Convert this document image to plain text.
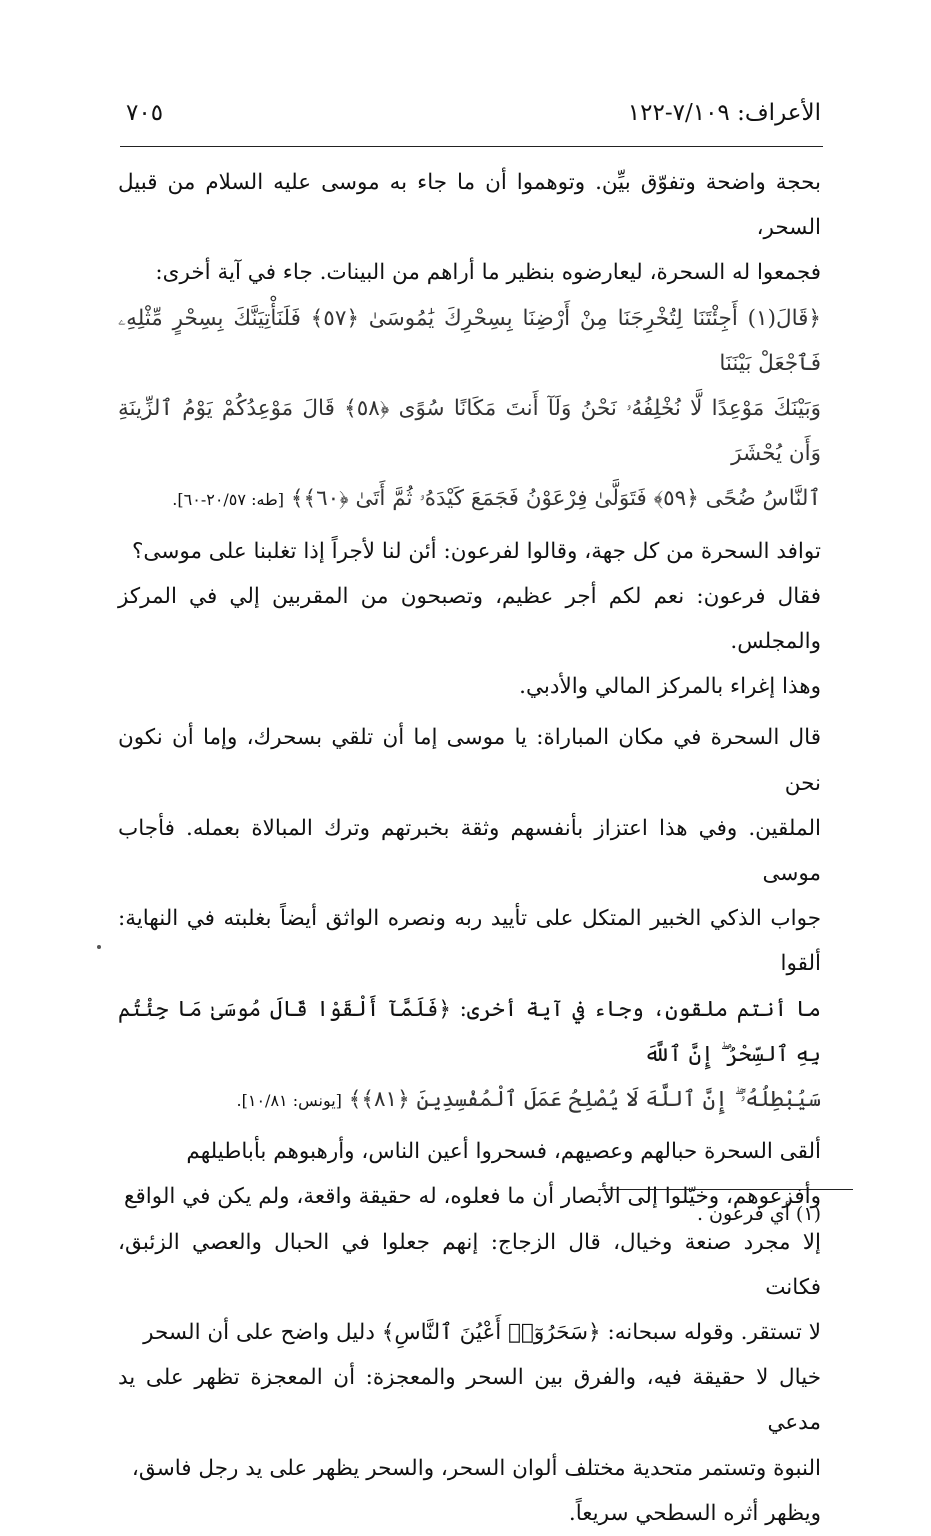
٧٠٥	الأعراف: ٧/١٠٩-١٢٢
بحجة واضحة وتفوّق بيِّن. وتوهموا أن ما جاء به موسى عليه السلام من قبيل السحر،
فجمعوا له السحرة، ليعارضوه بنظير ما أراهم من البينات. جاء في آية أخرى:
﴿قَالَ(١) أَجِئْتَنَا لِتُخْرِجَنَا مِنْ أَرْضِنَا بِسِحْرِكَ يَٰمُوسَىٰ ﴿٥٧﴾ فَلَنَأْتِيَنَّكَ بِسِحْرٍ مِّثْلِهِۦ فَٱجْعَلْ بَيْنَنَا
وَبَيْنَكَ مَوْعِدًا لَّا نُخْلِفُهُۥ نَحْنُ وَلَآ أَنتَ مَكَانًا سُوًى ﴿٥٨﴾ قَالَ مَوْعِدُكُمْ يَوْمُ ٱلزِّينَةِ وَأَن يُحْشَرَ
ٱلنَّاسُ ضُحًى ﴿٥٩﴾ فَتَوَلَّىٰ فِرْعَوْنُ فَجَمَعَ كَيْدَهُۥ ثُمَّ أَتَىٰ ﴿٦٠﴾﴾ [طه: ٢٠/٥٧-٦٠].
توافد السحرة من كل جهة، وقالوا لفرعون: أئن لنا لأجراً إذا تغلبنا على موسى؟
فقال فرعون: نعم لكم أجر عظيم، وتصبحون من المقربين إلي في المركز والمجلس.
وهذا إغراء بالمركز المالي والأدبي.
قال السحرة في مكان المباراة: يا موسى إما أن تلقي بسحرك، وإما أن نكون نحن
الملقين. وفي هذا اعتزاز بأنفسهم وثقة بخبرتهم وترك المبالاة بعمله. فأجاب موسى
جواب الذكي الخبير المتكل على تأييد ربه ونصره الواثق أيضاً بغلبته في النهاية: ألقوا
ما أنتم ملقون، وجاء في آية أخرى: ﴿فَلَمَّآ أَلْقَوْا قَالَ مُوسَىٰ مَا جِئْتُم بِهِ ٱلسِّحْرُ ۖ إِنَّ ٱللَّهَ
سَيُبْطِلُهُۥٓ ۖ إِنَّ ٱللَّهَ لَا يُصْلِحُ عَمَلَ ٱلْمُفْسِدِينَ ﴿٨١﴾﴾ [يونس: ١٠/٨١].
ألقى السحرة حبالهم وعصيهم، فسحروا أعين الناس، وأرهبوهم بأباطيلهم
وأفزعوهم، وخيّلوا إلى الأبصار أن ما فعلوه، له حقيقة واقعة، ولم يكن في الواقع
إلا مجرد صنعة وخيال، قال الزجاج: إنهم جعلوا في الحبال والعصي الزئبق، فكانت
لا تستقر. وقوله سبحانه: ﴿سَحَرُوٓا۟ أَعْيُنَ ٱلنَّاسِ﴾ دليل واضح على أن السحر
خيال لا حقيقة فيه، والفرق بين السحر والمعجزة: أن المعجزة تظهر على يد مدعي
النبوة وتستمر متحدية مختلف ألوان السحر، والسحر يظهر على يد رجل فاسق،
ويظهر أثره السطحي سريعاً.
(١) أي فرعون .
